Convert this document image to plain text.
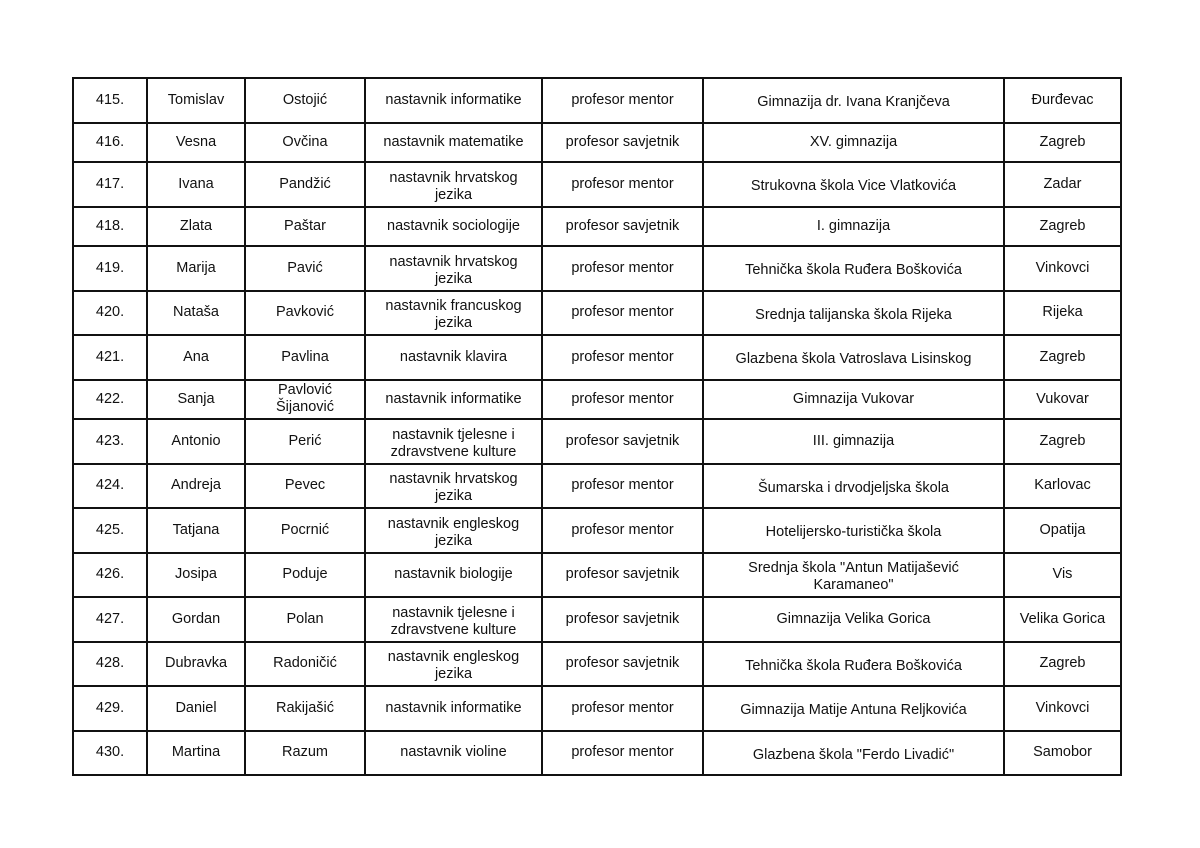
415.	Tomislav	Ostojić	nastavnik informatike	profesor mentor	Gimnazija dr. Ivana Kranjčeva	Đurđevac
416.	Vesna	Ovčina	nastavnik matematike	profesor savjetnik	XV. gimnazija	Zagreb
417.	Ivana	Pandžić	nastavnik hrvatskog jezika	profesor mentor	Strukovna škola Vice Vlatkovića	Zadar
418.	Zlata	Paštar	nastavnik sociologije	profesor savjetnik	I. gimnazija	Zagreb
419.	Marija	Pavić	nastavnik hrvatskog jezika	profesor mentor	Tehnička škola Ruđera Boškovića	Vinkovci
420.	Nataša	Pavković	nastavnik francuskog jezika	profesor mentor	Srednja talijanska škola Rijeka	Rijeka
421.	Ana	Pavlina	nastavnik klavira	profesor mentor	Glazbena škola Vatroslava Lisinskog	Zagreb
422.	Sanja	Pavlović Šijanović	nastavnik informatike	profesor mentor	Gimnazija Vukovar	Vukovar
423.	Antonio	Perić	nastavnik tjelesne i zdravstvene kulture	profesor savjetnik	III. gimnazija	Zagreb
424.	Andreja	Pevec	nastavnik hrvatskog jezika	profesor mentor	Šumarska i drvodjeljska škola	Karlovac
425.	Tatjana	Pocrnić	nastavnik engleskog jezika	profesor mentor	Hotelijersko-turistička škola	Opatija
426.	Josipa	Poduje	nastavnik biologije	profesor savjetnik	Srednja škola "Antun Matijašević Karamaneo"	Vis
427.	Gordan	Polan	nastavnik tjelesne i zdravstvene kulture	profesor savjetnik	Gimnazija Velika Gorica	Velika Gorica
428.	Dubravka	Radoničić	nastavnik engleskog jezika	profesor savjetnik	Tehnička škola Ruđera Boškovića	Zagreb
429.	Daniel	Rakijašić	nastavnik informatike	profesor mentor	Gimnazija Matije Antuna Reljkovića	Vinkovci
430.	Martina	Razum	nastavnik violine	profesor mentor	Glazbena škola "Ferdo Livadić"	Samobor
